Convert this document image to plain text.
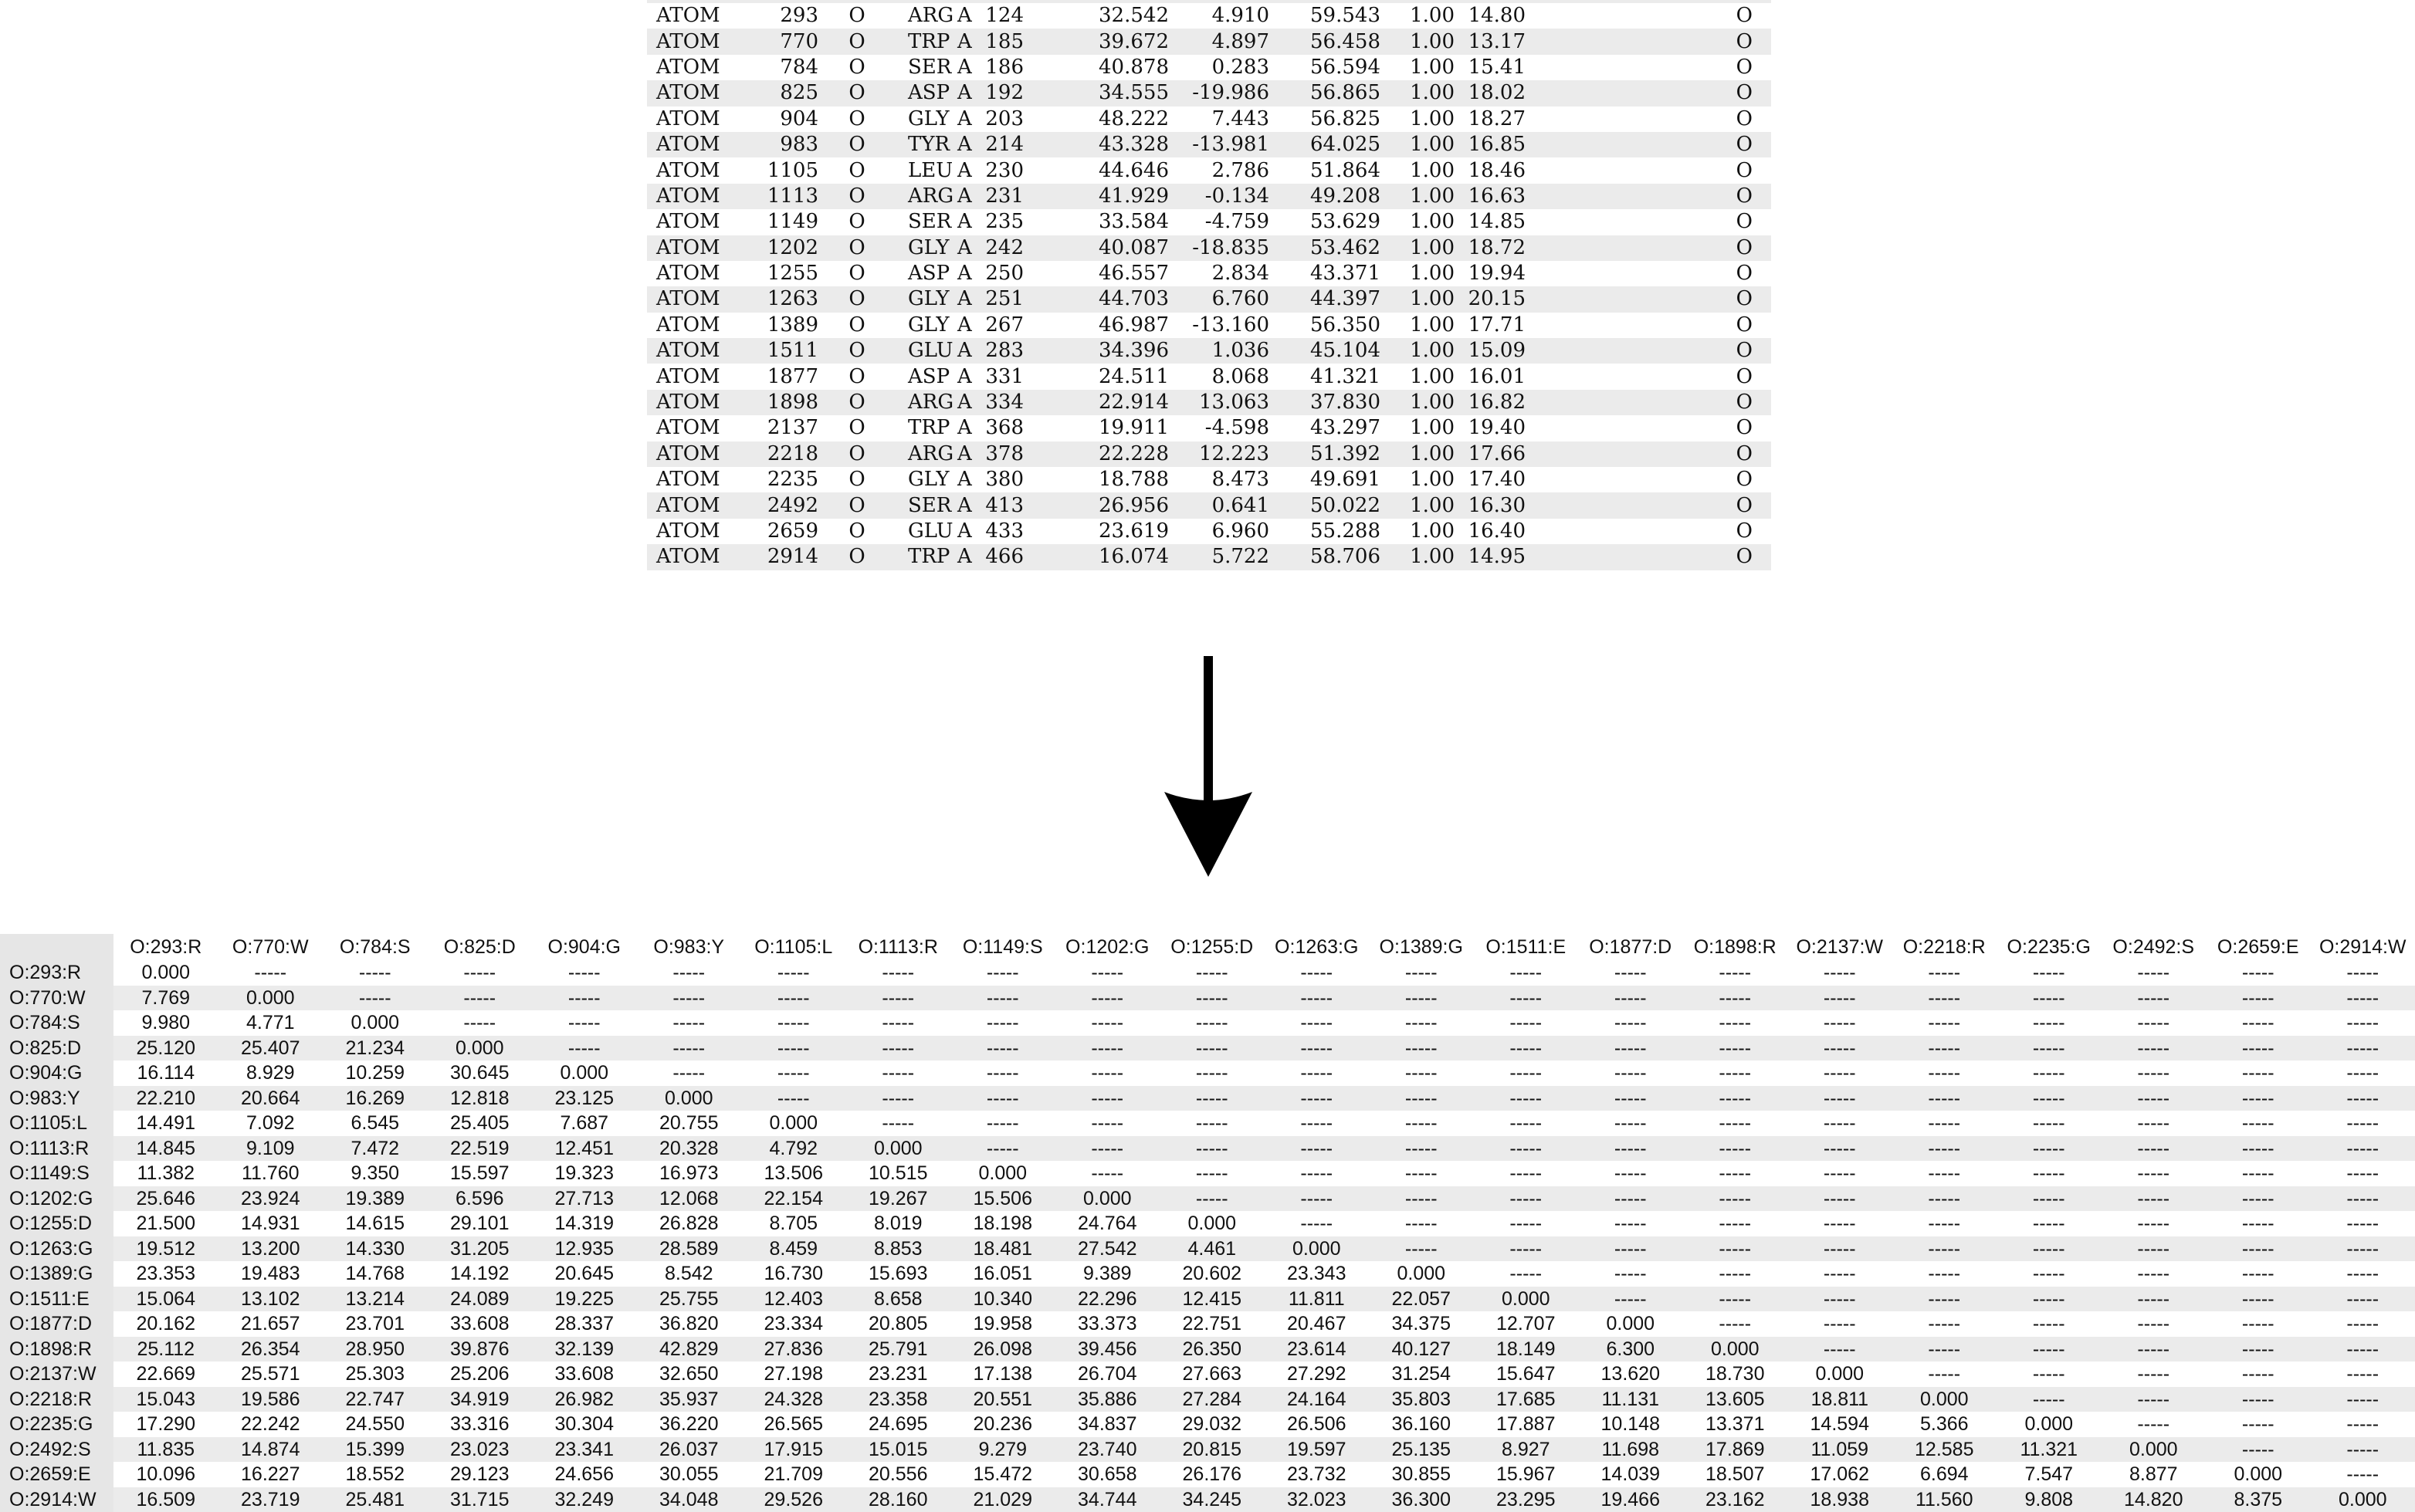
ATOM	293	O	ARG	A	124	32.542	4.910	59.543	1.00	14.80	O
ATOM	770	O	TRP	A	185	39.672	4.897	56.458	1.00	13.17	O
ATOM	784	O	SER	A	186	40.878	0.283	56.594	1.00	15.41	O
ATOM	825	O	ASP	A	192	34.555	-19.986	56.865	1.00	18.02	O
ATOM	904	O	GLY	A	203	48.222	7.443	56.825	1.00	18.27	O
ATOM	983	O	TYR	A	214	43.328	-13.981	64.025	1.00	16.85	O
ATOM	1105	O	LEU	A	230	44.646	2.786	51.864	1.00	18.46	O
ATOM	1113	O	ARG	A	231	41.929	-0.134	49.208	1.00	16.63	O
ATOM	1149	O	SER	A	235	33.584	-4.759	53.629	1.00	14.85	O
ATOM	1202	O	GLY	A	242	40.087	-18.835	53.462	1.00	18.72	O
ATOM	1255	O	ASP	A	250	46.557	2.834	43.371	1.00	19.94	O
ATOM	1263	O	GLY	A	251	44.703	6.760	44.397	1.00	20.15	O
ATOM	1389	O	GLY	A	267	46.987	-13.160	56.350	1.00	17.71	O
ATOM	1511	O	GLU	A	283	34.396	1.036	45.104	1.00	15.09	O
ATOM	1877	O	ASP	A	331	24.511	8.068	41.321	1.00	16.01	O
ATOM	1898	O	ARG	A	334	22.914	13.063	37.830	1.00	16.82	O
ATOM	2137	O	TRP	A	368	19.911	-4.598	43.297	1.00	19.40	O
ATOM	2218	O	ARG	A	378	22.228	12.223	51.392	1.00	17.66	O
ATOM	2235	O	GLY	A	380	18.788	8.473	49.691	1.00	17.40	O
ATOM	2492	O	SER	A	413	26.956	0.641	50.022	1.00	16.30	O
ATOM	2659	O	GLU	A	433	23.619	6.960	55.288	1.00	16.40	O
ATOM	2914	O	TRP	A	466	16.074	5.722	58.706	1.00	14.95	O
	O:293:R	O:770:W	O:784:S	O:825:D	O:904:G	O:983:Y	O:1105:L	O:1113:R	O:1149:S	O:1202:G	O:1255:D	O:1263:G	O:1389:G	O:1511:E	O:1877:D	O:1898:R	O:2137:W	O:2218:R	O:2235:G	O:2492:S	O:2659:E	O:2914:W
O:293:R	0.000	-----	-----	-----	-----	-----	-----	-----	-----	-----	-----	-----	-----	-----	-----	-----	-----	-----	-----	-----	-----	-----
O:770:W	7.769	0.000	-----	-----	-----	-----	-----	-----	-----	-----	-----	-----	-----	-----	-----	-----	-----	-----	-----	-----	-----	-----
O:784:S	9.980	4.771	0.000	-----	-----	-----	-----	-----	-----	-----	-----	-----	-----	-----	-----	-----	-----	-----	-----	-----	-----	-----
O:825:D	25.120	25.407	21.234	0.000	-----	-----	-----	-----	-----	-----	-----	-----	-----	-----	-----	-----	-----	-----	-----	-----	-----	-----
O:904:G	16.114	8.929	10.259	30.645	0.000	-----	-----	-----	-----	-----	-----	-----	-----	-----	-----	-----	-----	-----	-----	-----	-----	-----
O:983:Y	22.210	20.664	16.269	12.818	23.125	0.000	-----	-----	-----	-----	-----	-----	-----	-----	-----	-----	-----	-----	-----	-----	-----	-----
O:1105:L	14.491	7.092	6.545	25.405	7.687	20.755	0.000	-----	-----	-----	-----	-----	-----	-----	-----	-----	-----	-----	-----	-----	-----	-----
O:1113:R	14.845	9.109	7.472	22.519	12.451	20.328	4.792	0.000	-----	-----	-----	-----	-----	-----	-----	-----	-----	-----	-----	-----	-----	-----
O:1149:S	11.382	11.760	9.350	15.597	19.323	16.973	13.506	10.515	0.000	-----	-----	-----	-----	-----	-----	-----	-----	-----	-----	-----	-----	-----
O:1202:G	25.646	23.924	19.389	6.596	27.713	12.068	22.154	19.267	15.506	0.000	-----	-----	-----	-----	-----	-----	-----	-----	-----	-----	-----	-----
O:1255:D	21.500	14.931	14.615	29.101	14.319	26.828	8.705	8.019	18.198	24.764	0.000	-----	-----	-----	-----	-----	-----	-----	-----	-----	-----	-----
O:1263:G	19.512	13.200	14.330	31.205	12.935	28.589	8.459	8.853	18.481	27.542	4.461	0.000	-----	-----	-----	-----	-----	-----	-----	-----	-----	-----
O:1389:G	23.353	19.483	14.768	14.192	20.645	8.542	16.730	15.693	16.051	9.389	20.602	23.343	0.000	-----	-----	-----	-----	-----	-----	-----	-----	-----
O:1511:E	15.064	13.102	13.214	24.089	19.225	25.755	12.403	8.658	10.340	22.296	12.415	11.811	22.057	0.000	-----	-----	-----	-----	-----	-----	-----	-----
O:1877:D	20.162	21.657	23.701	33.608	28.337	36.820	23.334	20.805	19.958	33.373	22.751	20.467	34.375	12.707	0.000	-----	-----	-----	-----	-----	-----	-----
O:1898:R	25.112	26.354	28.950	39.876	32.139	42.829	27.836	25.791	26.098	39.456	26.350	23.614	40.127	18.149	6.300	0.000	-----	-----	-----	-----	-----	-----
O:2137:W	22.669	25.571	25.303	25.206	33.608	32.650	27.198	23.231	17.138	26.704	27.663	27.292	31.254	15.647	13.620	18.730	0.000	-----	-----	-----	-----	-----
O:2218:R	15.043	19.586	22.747	34.919	26.982	35.937	24.328	23.358	20.551	35.886	27.284	24.164	35.803	17.685	11.131	13.605	18.811	0.000	-----	-----	-----	-----
O:2235:G	17.290	22.242	24.550	33.316	30.304	36.220	26.565	24.695	20.236	34.837	29.032	26.506	36.160	17.887	10.148	13.371	14.594	5.366	0.000	-----	-----	-----
O:2492:S	11.835	14.874	15.399	23.023	23.341	26.037	17.915	15.015	9.279	23.740	20.815	19.597	25.135	8.927	11.698	17.869	11.059	12.585	11.321	0.000	-----	-----
O:2659:E	10.096	16.227	18.552	29.123	24.656	30.055	21.709	20.556	15.472	30.658	26.176	23.732	30.855	15.967	14.039	18.507	17.062	6.694	7.547	8.877	0.000	-----
O:2914:W	16.509	23.719	25.481	31.715	32.249	34.048	29.526	28.160	21.029	34.744	34.245	32.023	36.300	23.295	19.466	23.162	18.938	11.560	9.808	14.820	8.375	0.000
